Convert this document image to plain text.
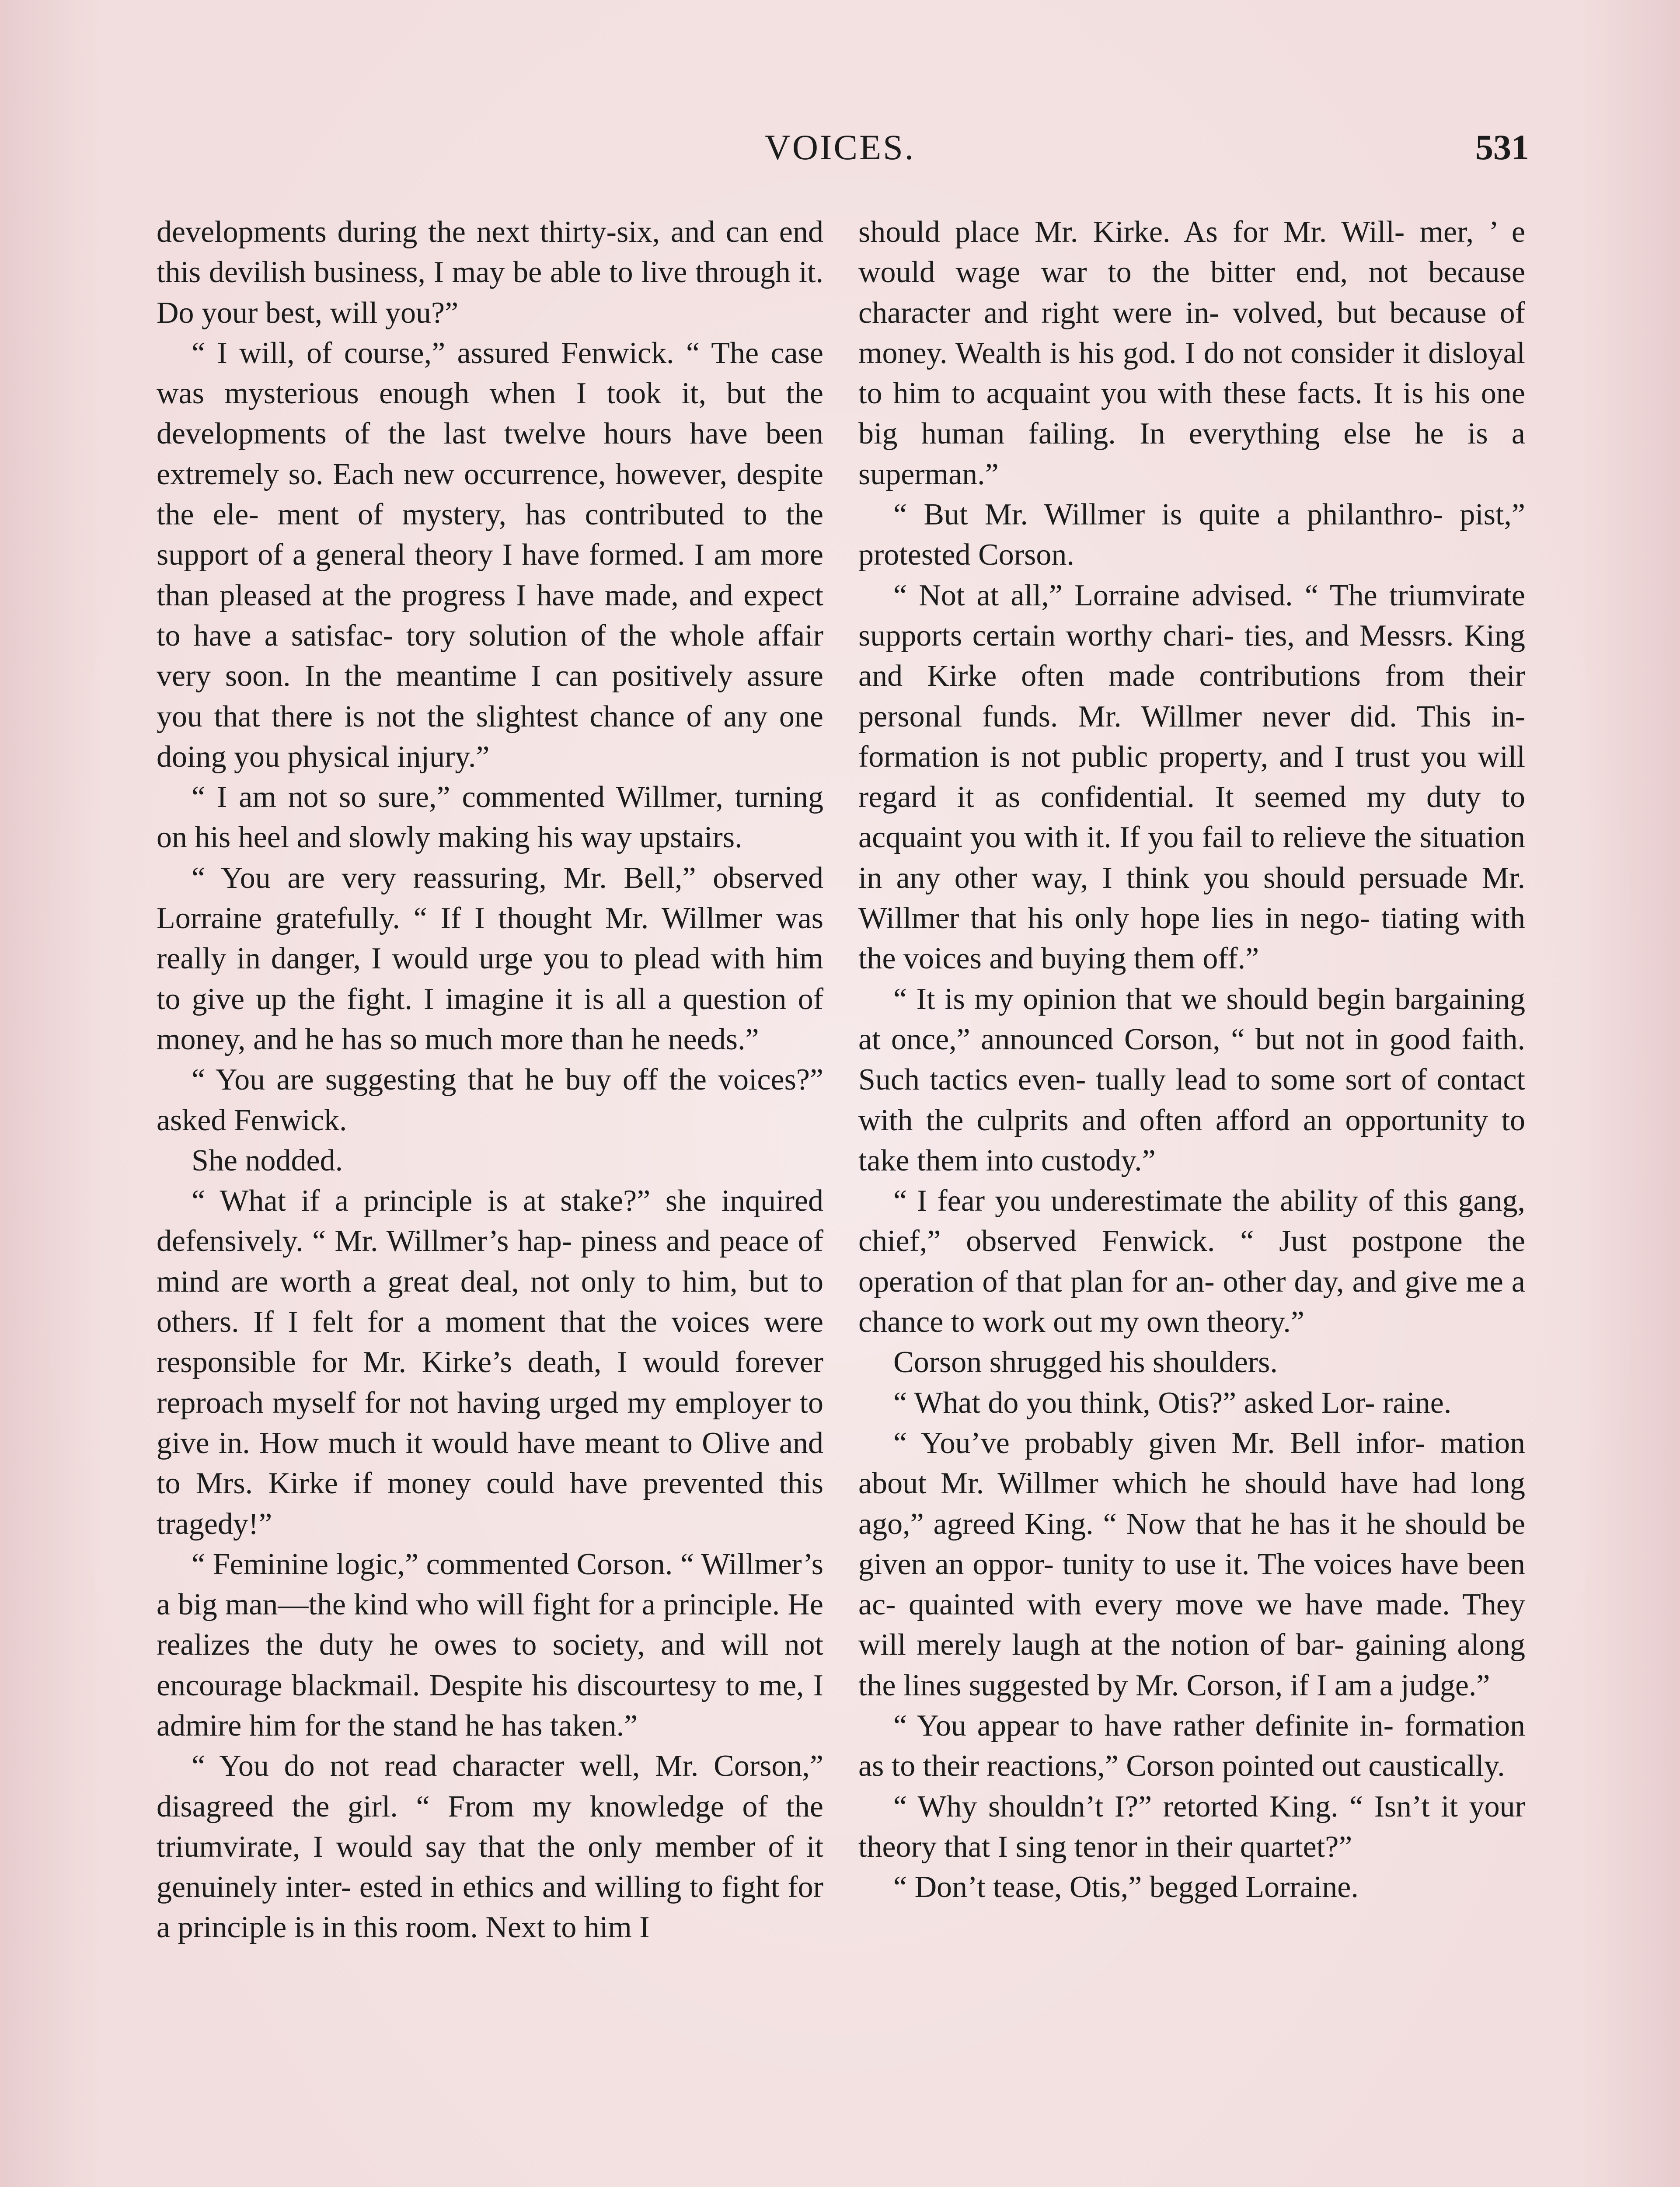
VOICES.	531

developments during the next thirty-six, and can end this devilish business, I may be able to live through it. Do your best, will you?”

“ I will, of course,” assured Fenwick. “ The case was mysterious enough when I took it, but the developments of the last twelve hours have been extremely so. Each new occurrence, however, despite the ele- ment of mystery, has contributed to the support of a general theory I have formed. I am more than pleased at the progress I have made, and expect to have a satisfac- tory solution of the whole affair very soon. In the meantime I can positively assure you that there is not the slightest chance of any one doing you physical injury.”

“ I am not so sure,” commented Willmer, turning on his heel and slowly making his way upstairs.

“ You are very reassuring, Mr. Bell,” observed Lorraine gratefully. “ If I thought Mr. Willmer was really in danger, I would urge you to plead with him to give up the fight. I imagine it is all a question of money, and he has so much more than he needs.”

“ You are suggesting that he buy off the voices?” asked Fenwick.

She nodded.

“ What if a principle is at stake?” she inquired defensively. “ Mr. Willmer’s hap- piness and peace of mind are worth a great deal, not only to him, but to others. If I felt for a moment that the voices were responsible for Mr. Kirke’s death, I would forever reproach myself for not having urged my employer to give in. How much it would have meant to Olive and to Mrs. Kirke if money could have prevented this tragedy!”

“ Feminine logic,” commented Corson. “ Willmer’s a big man—the kind who will fight for a principle. He realizes the duty he owes to society, and will not encourage blackmail. Despite his discourtesy to me, I admire him for the stand he has taken.”

“ You do not read character well, Mr. Corson,” disagreed the girl. “ From my knowledge of the triumvirate, I would say that the only member of it genuinely inter- ested in ethics and willing to fight for a principle is in this room. Next to him I

should place Mr. Kirke. As for Mr. Will- mer, ’ e would wage war to the bitter end, not because character and right were in- volved, but because of money. Wealth is his god. I do not consider it disloyal to him to acquaint you with these facts. It is his one big human failing. In everything else he is a superman.”

“ But Mr. Willmer is quite a philanthro- pist,” protested Corson.

“ Not at all,” Lorraine advised. “ The triumvirate supports certain worthy chari- ties, and Messrs. King and Kirke often made contributions from their personal funds. Mr. Willmer never did. This in- formation is not public property, and I trust you will regard it as confidential. It seemed my duty to acquaint you with it. If you fail to relieve the situation in any other way, I think you should persuade Mr. Willmer that his only hope lies in nego- tiating with the voices and buying them off.”

“ It is my opinion that we should begin bargaining at once,” announced Corson, “ but not in good faith. Such tactics even- tually lead to some sort of contact with the culprits and often afford an opportunity to take them into custody.”

“ I fear you underestimate the ability of this gang, chief,” observed Fenwick. “ Just postpone the operation of that plan for an- other day, and give me a chance to work out my own theory.”

Corson shrugged his shoulders.

“ What do you think, Otis?” asked Lor- raine.

“ You’ve probably given Mr. Bell infor- mation about Mr. Willmer which he should have had long ago,” agreed King. “ Now that he has it he should be given an oppor- tunity to use it. The voices have been ac- quainted with every move we have made. They will merely laugh at the notion of bar- gaining along the lines suggested by Mr. Corson, if I am a judge.”

“ You appear to have rather definite in- formation as to their reactions,” Corson pointed out caustically.

“ Why shouldn’t I?” retorted King. “ Isn’t it your theory that I sing tenor in their quartet?”

“ Don’t tease, Otis,” begged Lorraine.
